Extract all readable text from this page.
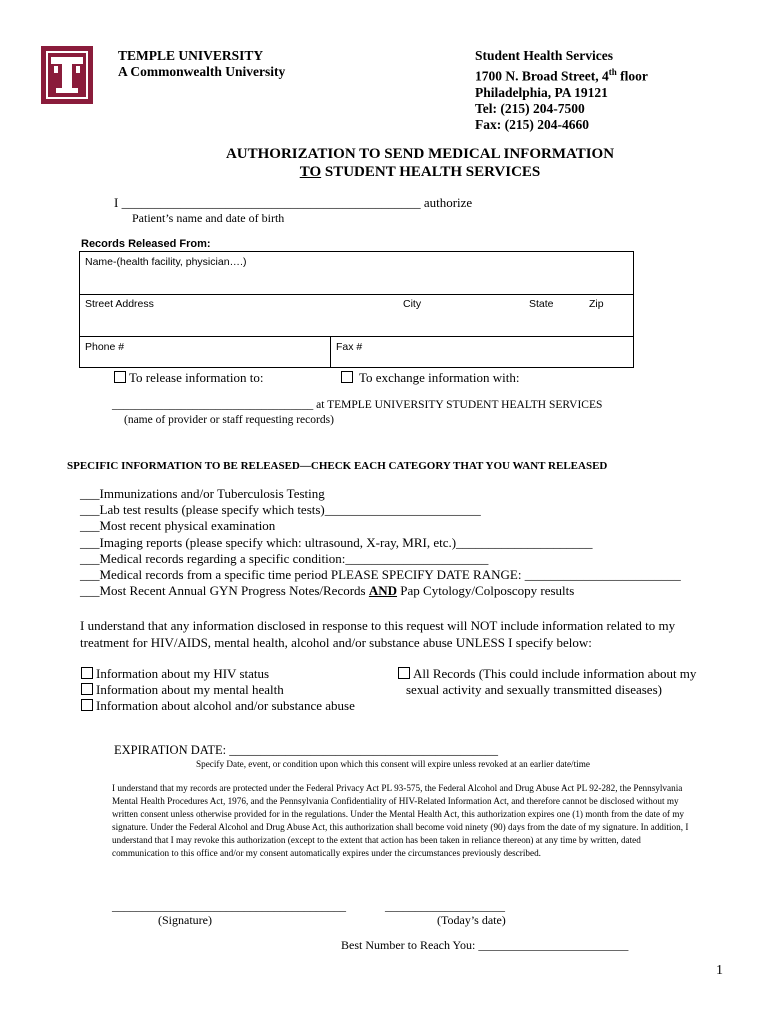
TEMPLE UNIVERSITY
A Commonwealth University
Student Health Services
1700 N. Broad Street, 4th floor
Philadelphia, PA 19121
Tel: (215) 204-7500
Fax: (215) 204-4660
AUTHORIZATION TO SEND MEDICAL INFORMATION
TO STUDENT HEALTH SERVICES
I ______________________________________________ authorize
Patient’s name and date of birth
Records Released From:
Name-(health facility, physician….)
Street Address	City	State	Zip
Phone #	Fax #
To release information to:	To exchange information with:
___________________________________ at TEMPLE UNIVERSITY STUDENT HEALTH SERVICES
(name of provider or staff requesting records)
SPECIFIC INFORMATION TO BE RELEASED—CHECK EACH CATEGORY THAT YOU WANT RELEASED
___Immunizations and/or Tuberculosis Testing
___Lab test results (please specify which tests)________________________
___Most recent physical examination
___Imaging reports (please specify which: ultrasound, X-ray, MRI, etc.)_____________________
___Medical records regarding a specific condition:______________________
___Medical records from a specific time period PLEASE SPECIFY DATE RANGE: ________________________
___Most Recent Annual GYN Progress Notes/Records AND Pap Cytology/Colposcopy results
I understand that any information disclosed in response to this request will NOT include information related to my treatment for HIV/AIDS, mental health, alcohol and/or substance abuse UNLESS I specify below:
Information about my HIV status
Information about my mental health
Information about alcohol and/or substance abuse
All Records (This could include information about my
sexual activity and sexually transmitted diseases)
EXPIRATION DATE: ___________________________________________
Specify Date, event, or condition upon which this consent will expire unless revoked at an earlier date/time
I understand that my records are protected under the Federal Privacy Act PL 93-575, the Federal Alcohol and Drug Abuse Act PL 92-282, the Pennsylvania Mental Health Procedures Act, 1976, and the Pennsylvania Confidentiality of HIV-Related Information Act, and therefore cannot be disclosed without my written consent unless otherwise provided for in the regulations. Under the Mental Health Act, this authorization expires one (1) month from the date of my signature. Under the Federal Alcohol and Drug Abuse Act, this authorization shall become void ninety (90) days from the date of my signature. In addition, I understand that I may revoke this authorization (except to the extent that action has been taken in reliance thereon) at any time by written, dated communication to this office and/or my consent automatically expires under the circumstances previously described.
_______________________________________
(Signature)
____________________
(Today’s date)
Best Number to Reach You: _________________________
1
